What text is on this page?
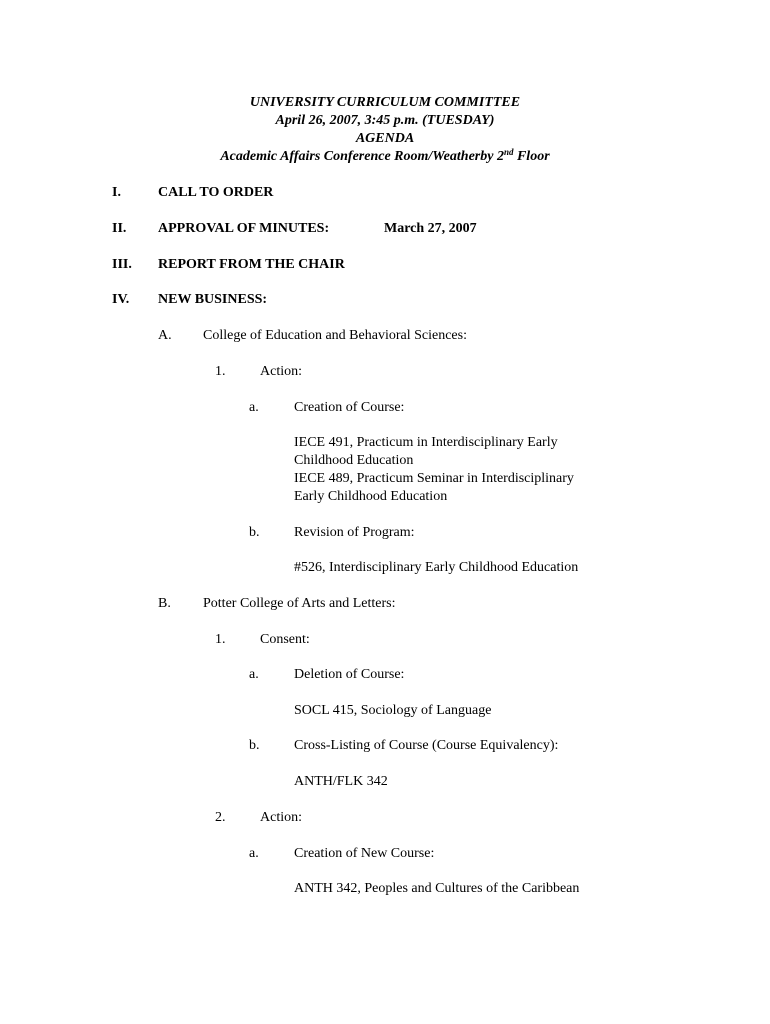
UNIVERSITY CURRICULUM COMMITTEE
April 26, 2007, 3:45 p.m. (TUESDAY)
AGENDA
Academic Affairs Conference Room/Weatherby 2nd Floor
I.	CALL TO ORDER
II. APPROVAL OF MINUTES:	March 27, 2007
III. REPORT FROM THE CHAIR
IV. NEW BUSINESS:
A. College of Education and Behavioral Sciences:
1. Action:
a.	Creation of Course:
IECE 491, Practicum in Interdisciplinary Early
Childhood Education
IECE 489, Practicum Seminar in Interdisciplinary
Early Childhood Education
b. Revision of Program:
#526, Interdisciplinary Early Childhood Education
B. Potter College of Arts and Letters:
1. Consent:
a.	Deletion of Course:
SOCL 415, Sociology of Language
b. Cross-Listing of Course (Course Equivalency):
ANTH/FLK 342
2. Action:
a.	Creation of New Course:
ANTH 342, Peoples and Cultures of the Caribbean
